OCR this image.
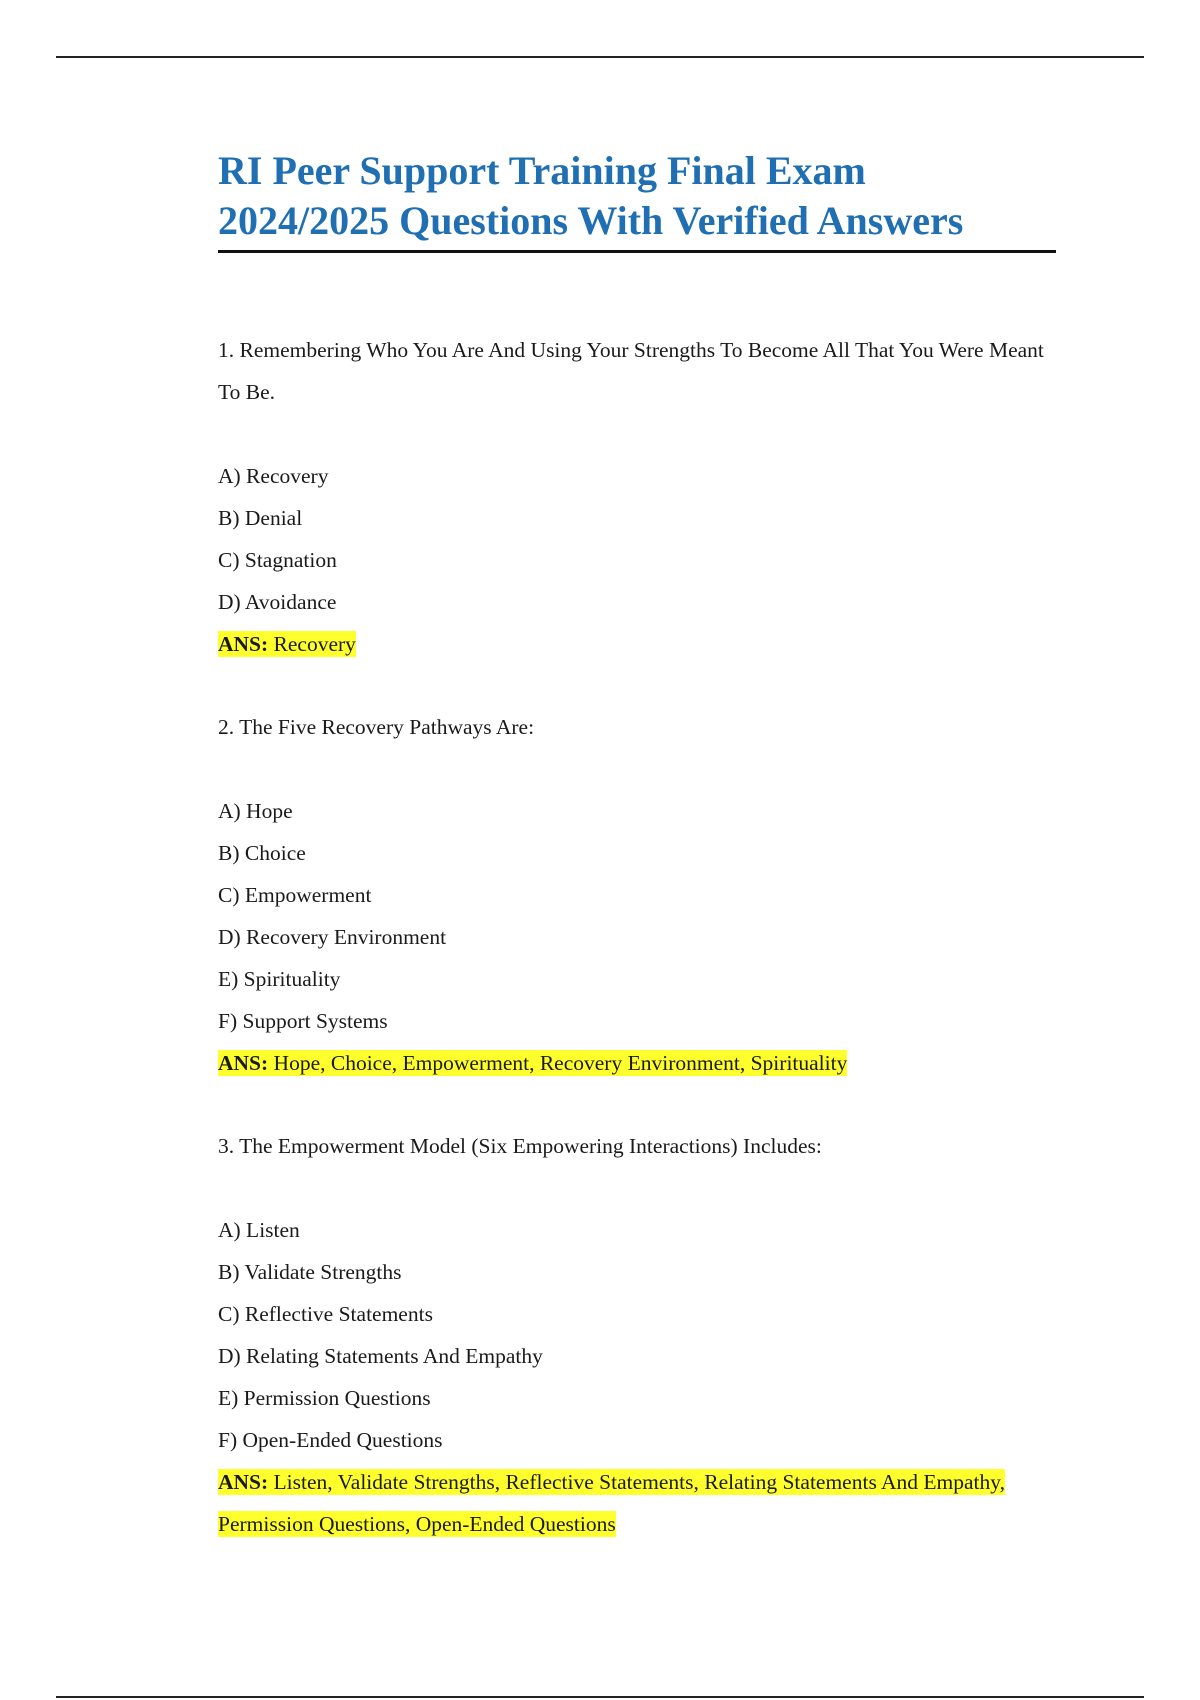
RI Peer Support Training Final Exam
2024/2025 Questions With Verified Answers

1. Remembering Who You Are And Using Your Strengths To Become All That You Were Meant To Be.

A) Recovery
B) Denial
C) Stagnation
D) Avoidance

ANS: Recovery

2. The Five Recovery Pathways Are:

A) Hope
B) Choice
C) Empowerment
D) Recovery Environment
E) Spirituality
F) Support Systems

ANS: Hope, Choice, Empowerment, Recovery Environment, Spirituality

3. The Empowerment Model (Six Empowering Interactions) Includes:

A) Listen
B) Validate Strengths
C) Reflective Statements
D) Relating Statements And Empathy
E) Permission Questions
F) Open-Ended Questions

ANS: Listen, Validate Strengths, Reflective Statements, Relating Statements And Empathy, Permission Questions, Open-Ended Questions
